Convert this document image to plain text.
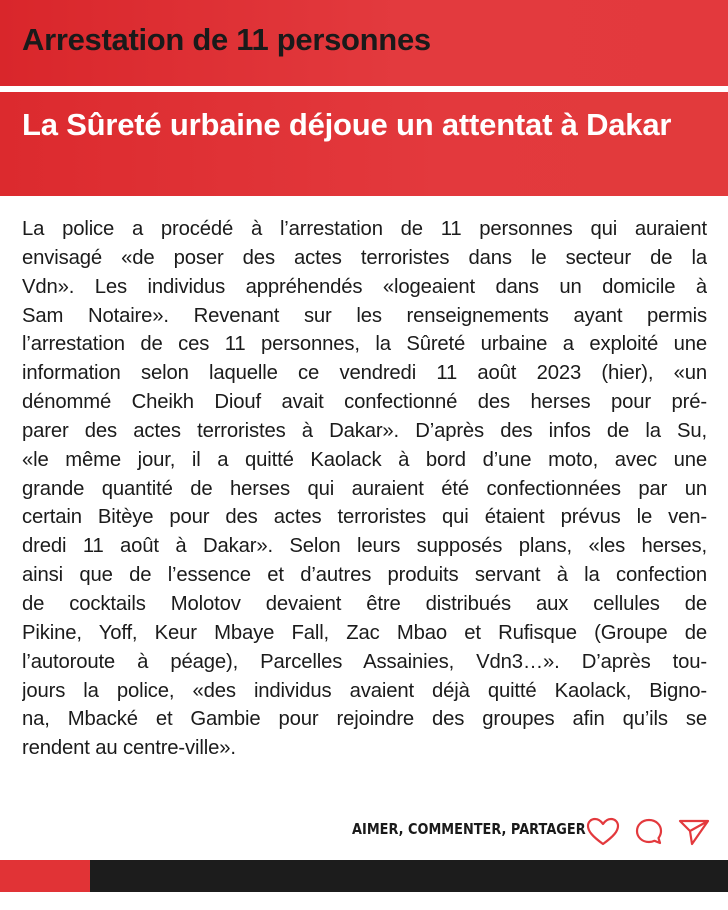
Arrestation de 11 personnes
La Sûreté urbaine déjoue un attentat à Dakar
La police a procédé à l’arrestation de 11 personnes qui auraient
envisagé «de poser des actes terroristes dans le secteur de la
Vdn». Les individus appréhendés «logeaient dans un domicile à
Sam Notaire». Revenant sur les renseignements ayant permis
l’arrestation de ces 11 personnes, la Sûreté urbaine a exploité une
information selon laquelle ce vendredi 11 août 2023 (hier), «un
dénommé Cheikh Diouf avait confectionné des herses pour pré-
parer des actes terroristes à Dakar». D’après des infos de la Su,
«le même jour, il a quitté Kaolack à bord d’une moto, avec une
grande quantité de herses qui auraient été confectionnées par un
certain Bitèye pour des actes terroristes qui étaient prévus le ven-
dredi 11 août à Dakar». Selon leurs supposés plans, «les herses,
ainsi que de l’essence et d’autres produits servant à la confection
de cocktails Molotov devaient être distribués aux cellules de
Pikine, Yoff, Keur Mbaye Fall, Zac Mbao et Rufisque (Groupe de
l’autoroute à péage), Parcelles Assainies, Vdn3…». D’après tou-
jours la police, «des individus avaient déjà quitté Kaolack, Bigno-
na, Mbacké et Gambie pour rejoindre des groupes afin qu’ils se
rendent au centre-ville».
AIMER, COMMENTER, PARTAGER
